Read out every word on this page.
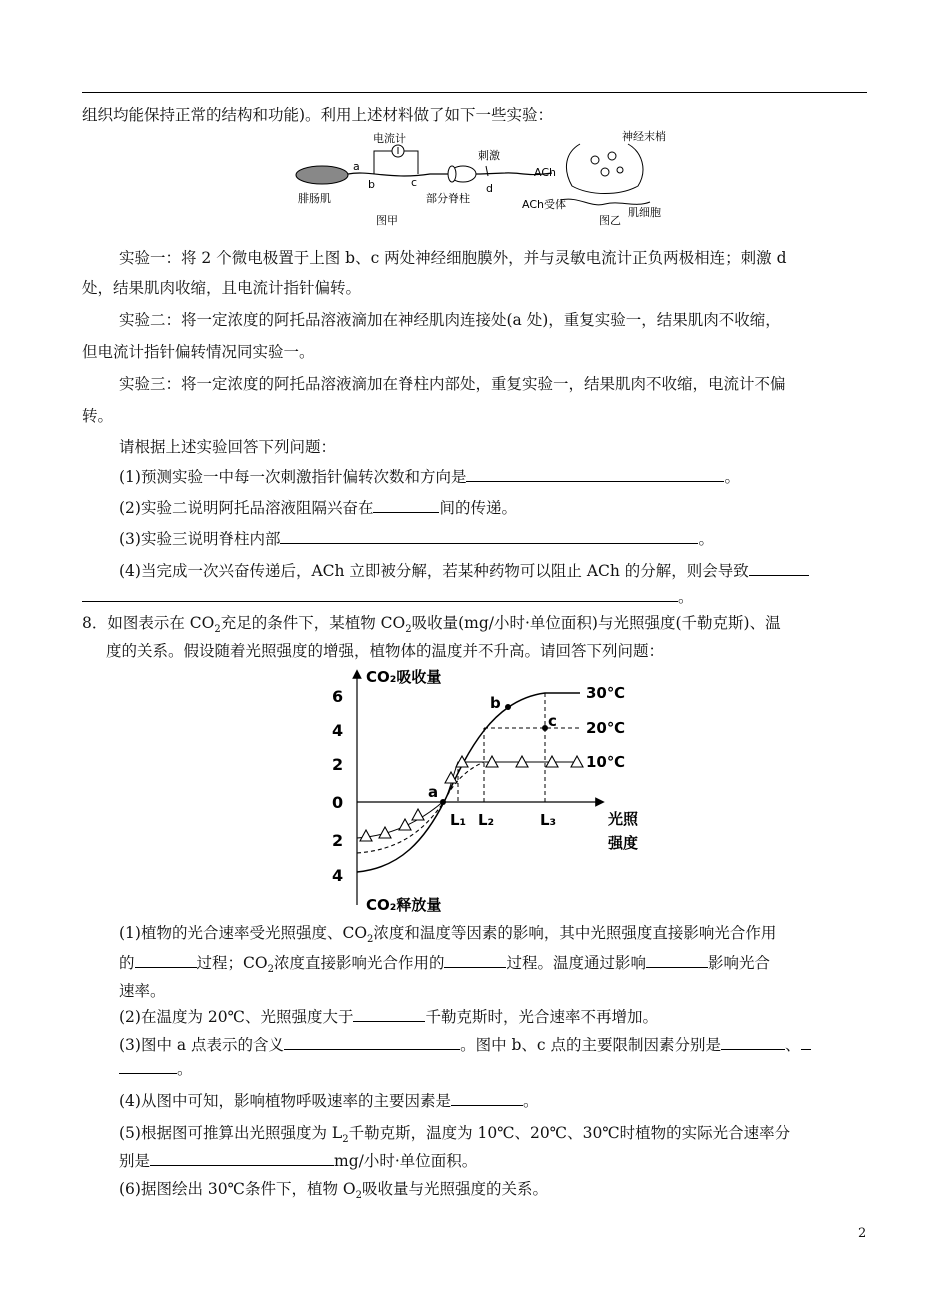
组织均能保持正常的结构和功能)。利用上述材料做了如下一些实验：
电流计
a
b	c
部分脊柱
刺激
d
腓肠肌
图甲
神经末梢
ACh
ACh受体
图乙
肌细胞
实验一：将 2 个微电极置于上图 b、c 两处神经细胞膜外，并与灵敏电流计正负两极相连；刺激 d
处，结果肌肉收缩，且电流计指针偏转。
实验二：将一定浓度的阿托品溶液滴加在神经肌肉连接处(a 处)，重复实验一，结果肌肉不收缩，
但电流计指针偏转情况同实验一。
实验三：将一定浓度的阿托品溶液滴加在脊柱内部处，重复实验一，结果肌肉不收缩，电流计不偏
转。
请根据上述实验回答下列问题：
(1)预测实验一中每一次刺激指针偏转次数和方向是	。
(2)实验二说明阿托品溶液阻隔兴奋在	间的传递。
(3)实验三说明脊柱内部	。
(4)当完成一次兴奋传递后，ACh 立即被分解，若某种药物可以阻止 ACh 的分解，则会导致
。
8．如图表示在 $CO_2$充足的条件下，某植物 $CO_2$吸收量(mg/小时·单位面积)与光照强度(千勒克斯)、温
度的关系。假设随着光照强度的增强，植物体的温度并不升高。请回答下列问题：
CO₂吸收量
CO₂释放量
光照
强度
6
4
2
0
2
4
L₁ L₂	L₃
a
b
c
30℃
20℃
10℃
(1)植物的光合速率受光照强度、$CO_2$浓度和温度等因素的影响，其中光照强度直接影响光合作用
的	过程；$CO_2$浓度直接影响光合作用的	过程。温度通过影响	影响光合
速率。
(2)在温度为 20℃、光照强度大于	千勒克斯时，光合速率不再增加。
(3)图中 a 点表示的含义	。图中 b、c 点的主要限制因素分别是	、
。
(4)从图中可知，影响植物呼吸速率的主要因素是	。
(5)根据图可推算出光照强度为 $L_2$千勒克斯，温度为 10℃、20℃、30℃时植物的实际光合速率分
别是	mg/小时·单位面积。
(6)据图绘出 30℃条件下，植物 $O_2$吸收量与光照强度的关系。
2
